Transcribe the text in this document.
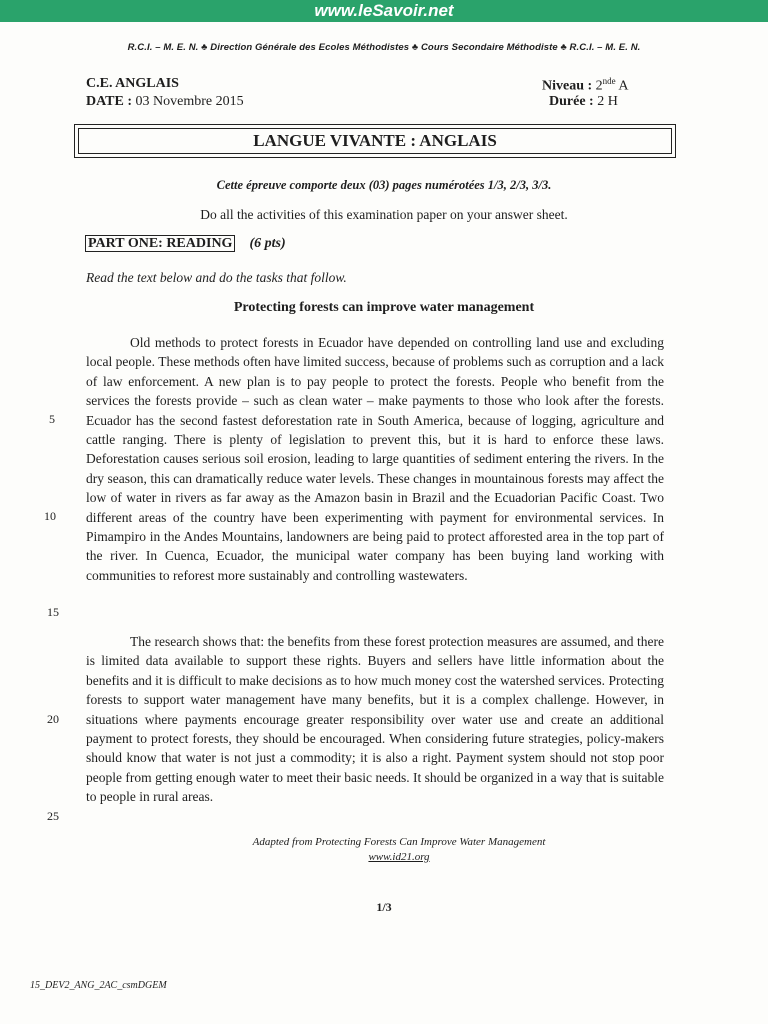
www.leSavoir.net
R.C.I. – M. E. N. ♣ Direction Générale des Ecoles Méthodistes ♣ Cours Secondaire Méthodiste ♣ R.C.I. – M. E. N.
C.E. ANGLAIS
DATE : 03 Novembre 2015
Niveau : 2nde A
Durée : 2 H
LANGUE VIVANTE : ANGLAIS
Cette épreuve comporte deux (03) pages numérotées 1/3, 2/3, 3/3.
Do all the activities of this examination paper on your answer sheet.
PART ONE: READING (6 pts)
Read the text below and do the tasks that follow.
Protecting forests can improve water management

Old methods to protect forests in Ecuador have depended on controlling land use and excluding local people. These methods often have limited success, because of problems such as corruption and a lack of law enforcement. A new plan is to pay people to protect the forests. People who benefit from the services the forests provide – such as clean water – make payments to those who look after the forests. Ecuador has the second fastest deforestation rate in South America, because of logging, agriculture and cattle ranging. There is plenty of legislation to prevent this, but it is hard to enforce these laws. Deforestation causes serious soil erosion, leading to large quantities of sediment entering the rivers. In the dry season, this can dramatically reduce water levels. These changes in mountainous forests may affect the low of water in rivers as far away as the Amazon basin in Brazil and the Ecuadorian Pacific Coast. Two different areas of the country have been experimenting with payment for environmental services. In Pimampiro in the Andes Mountains, landowners are being paid to protect afforested area in the top part of the river. In Cuenca, Ecuador, the municipal water company has been buying land working with communities to reforest more sustainably and controlling wastewaters.

The research shows that: the benefits from these forest protection measures are assumed, and there is limited data available to support these rights. Buyers and sellers have little information about the benefits and it is difficult to make decisions as to how much money cost the watershed services. Protecting forests to support water management have many benefits, but it is a complex challenge. However, in situations where payments encourage greater responsibility over water use and create an additional payment to protect forests, they should be encouraged. When considering future strategies, policy-makers should know that water is not just a commodity; it is also a right. Payment system should not stop poor people from getting enough water to meet their basic needs. It should be organized in a way that is suitable to people in rural areas.

5
10
15
20
25
Adapted from Protecting Forests Can Improve Water Management
www.id21.org
1/3
15_DEV2_ANG_2AC_csmDGEM
